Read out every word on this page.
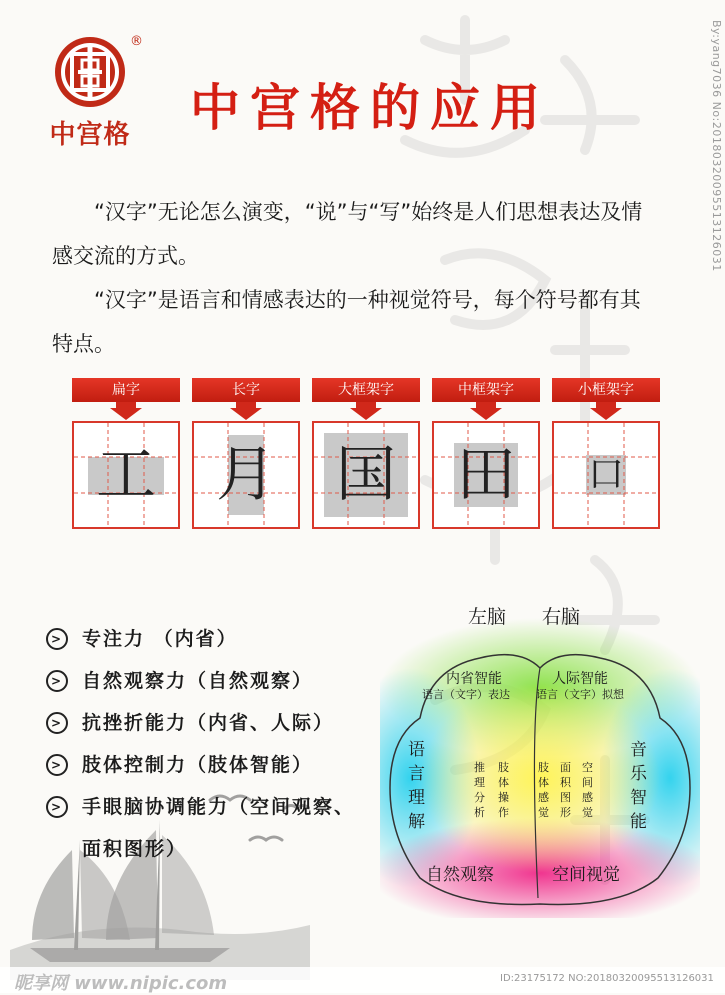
®
中宫格 中宫格的应用	By:yang7036 No:20180320095513126031
“汉字”无论怎么演变，“说”与“写”始终是人们思想表达及情感交流的方式。
“汉字”是语言和情感表达的一种视觉符号，每个符号都有其特点。
扁字
工
长字
月
大框架字
国
中框架字
田
小框架字
口
> 专注力 （内省）
> 自然观察力（自然观察）
> 抗挫折能力（内省、人际）
> 肢体控制力（肢体智能）
> 手眼脑协调能力（空间观察、面积图形）
左脑 右脑
内省智能
语言（文字）表达
人际智能
语言（文字）拟想
语言理解
音乐智能
推理分析
肢体操作
肢体感觉
面积图形
空间感觉
自然观察	空间视觉
昵享网 www.nipic.com	ID:23175172 NO:20180320095513126031
